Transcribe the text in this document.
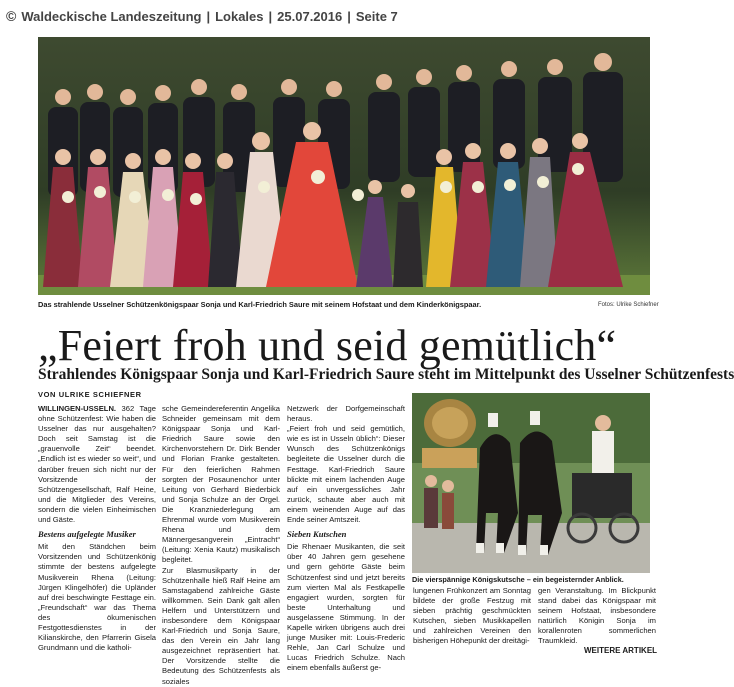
© Waldeckische Landeszeitung | Lokales | 25.07.2016 | Seite 7
Das strahlende Usselner Schützenkönigspaar Sonja und Karl-Friedrich Saure mit seinem Hofstaat und dem Kinderkönigspaar.	Fotos: Ulrike Schiefner
„Feiert froh und seid gemütlich“
Strahlendes Königspaar Sonja und Karl-Friedrich Saure steht im Mittelpunkt des Usselner Schützenfests
VON ULRIKE SCHIEFNER

WILLINGEN-USSELN. 362 Tage ohne Schützenfest: Wie haben die Usselner das nur ausgehalten? Doch seit Samstag ist die „grauenvolle Zeit“ beendet. „Endlich ist es wieder so weit“, und darüber freuen sich nicht nur der Vorsitzende der Schützengesellschaft, Ralf Heine, und die Mitglieder des Vereins, sondern die vielen Einheimischen und Gäste.

Bestens aufgelegte Musiker

Mit den Ständchen beim Vorsitzenden und Schützenkönig stimmte der bestens aufgelegte Musikverein Rhena (Leitung: Jürgen Klingelhöfer) die Upländer auf drei beschwingte Festtage ein. „Freundschaft“ war das Thema des ökumenischen Festgottesdienstes in der Kilianskirche, den Pfarrerin Gisela Grundmann und die katholi-

sche Gemeindereferentin Angelika Schneider gemeinsam mit dem Königspaar Sonja und Karl-Friedrich Saure sowie den Kirchenvorstehern Dr. Dirk Bender und Florian Franke gestalteten. Für den feierlichen Rahmen sorgten der Posaunenchor unter Leitung von Gerhard Biederbick und Sonja Schulze an der Orgel. Die Kranzniederlegung am Ehrenmal wurde vom Musikverein Rhena und dem Männergesangverein „Eintracht“ (Leitung: Xenia Kautz) musikalisch begleitet.

Zur Blasmusikparty in der Schützenhalle hieß Ralf Heine am Samstagabend zahlreiche Gäste willkommen. Sein Dank galt allen Helfern und Unterstützern und insbesondere dem Königspaar Karl-Friedrich und Sonja Saure, das den Verein ein Jahr lang ausgezeichnet repräsentiert hat. Der Vorsitzende stellte die Bedeutung des Schützenfests als soziales

Netzwerk der Dorfgemeinschaft heraus.

„Feiert froh und seid gemütlich, wie es ist in Usseln üblich“: Dieser Wunsch des Schützenkönigs begleitete die Usselner durch die Festtage. Karl-Friedrich Saure blickte mit einem lachenden Auge auf ein unvergessliches Jahr zurück, schaute aber auch mit einem weinenden Auge auf das Ende seiner Amtszeit.

Sieben Kutschen

Die Rhenaer Musikanten, die seit über 40 Jahren gern gesehene und gern gehörte Gäste beim Schützenfest sind und jetzt bereits zum vierten Mal als Festkapelle engagiert wurden, sorgten für beste Unterhaltung und ausgelassene Stimmung. In der Kapelle wirken übrigens auch drei junge Musiker mit: Louis-Frederic Rehle, Jan Carl Schulze und Lucas Friedrich Schulze. Nach einem ebenfalls äußerst ge-

lungenen Frühkonzert am Sonntag bildete der große Festzug mit sieben prächtig geschmückten Kutschen, sieben Musikkapellen und zahlreichen Vereinen den bisherigen Höhepunkt der dreitägi-

gen Veranstaltung. Im Blickpunkt stand dabei das Königspaar mit seinem Hofstaat, insbesondere natürlich Königin Sonja im korallenroten sommerlichen Traumkleid.

Die vierspännige Königskutsche – ein begeisternder Anblick.
WEITERE ARTIKEL
